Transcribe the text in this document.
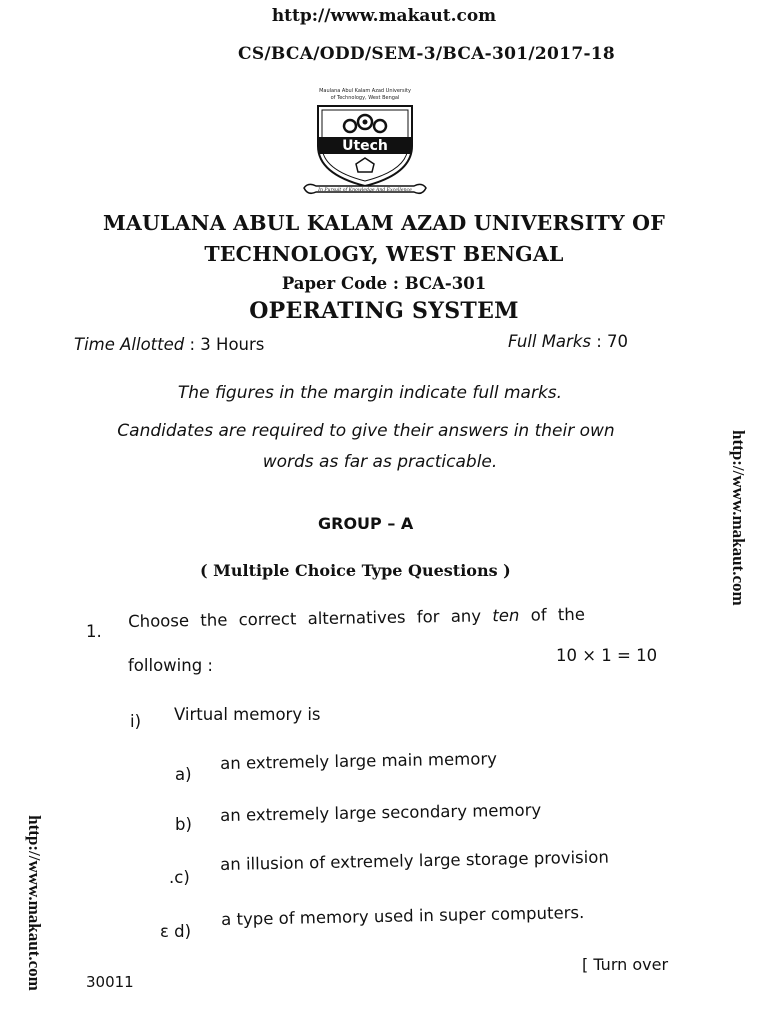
http://www.makaut.com
CS/BCA/ODD/SEM-3/BCA-301/2017-18
Maulana Abul Kalam Azad University
of Technology, West Bengal
Utech
In Pursuit of Knowledge And Excellence
MAULANA ABUL KALAM AZAD UNIVERSITY OF
TECHNOLOGY, WEST BENGAL
Paper Code : BCA-301
OPERATING SYSTEM
Time Allotted : 3 Hours	Full Marks : 70
The figures in the margin indicate full marks.
Candidates are required to give their answers in their own
words as far as practicable.
GROUP – A
( Multiple Choice Type Questions )
1.
Choose the correct alternatives for any ten of the
following :
10 × 1 = 10
i) Virtual memory is
a)
an extremely large main memory
b) an extremely large secondary memory
.c)
an illusion of extremely large storage provision
ɛ d)
a type of memory used in super computers.
[ Turn over
30011
http://www.makaut.com
http://www.makaut.com
